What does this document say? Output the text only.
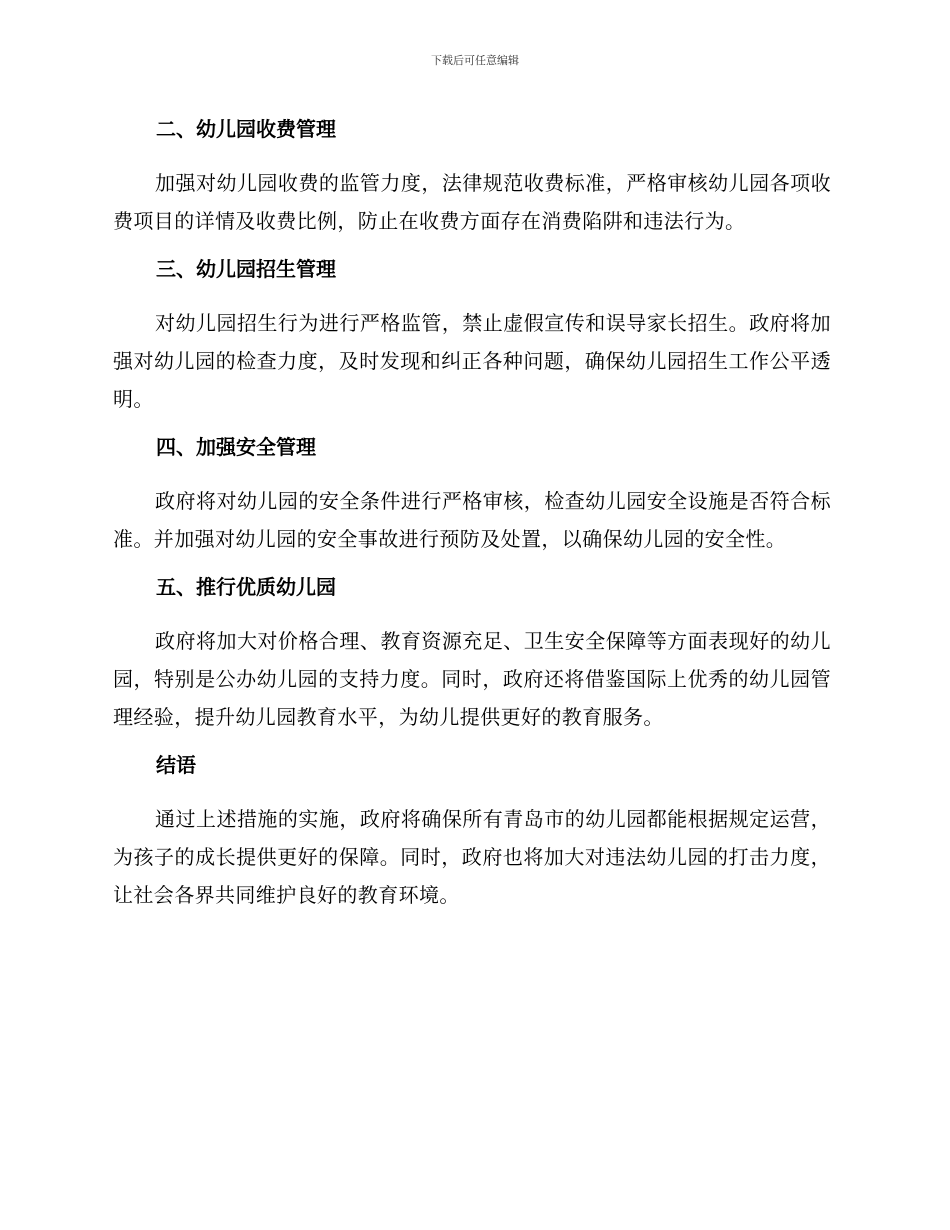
下载后可任意编辑
二、幼儿园收费管理

加强对幼儿园收费的监管力度，法律规范收费标准，严格审核幼儿园各项收费项目的详情及收费比例，防止在收费方面存在消费陷阱和违法行为。

三、幼儿园招生管理

对幼儿园招生行为进行严格监管，禁止虚假宣传和误导家长招生。政府将加强对幼儿园的检查力度，及时发现和纠正各种问题，确保幼儿园招生工作公平透明。

四、加强安全管理

政府将对幼儿园的安全条件进行严格审核，检查幼儿园安全设施是否符合标准。并加强对幼儿园的安全事故进行预防及处置，以确保幼儿园的安全性。

五、推行优质幼儿园

政府将加大对价格合理、教育资源充足、卫生安全保障等方面表现好的幼儿园，特别是公办幼儿园的支持力度。同时，政府还将借鉴国际上优秀的幼儿园管理经验，提升幼儿园教育水平，为幼儿提供更好的教育服务。

结语

通过上述措施的实施，政府将确保所有青岛市的幼儿园都能根据规定运营，为孩子的成长提供更好的保障。同时，政府也将加大对违法幼儿园的打击力度，让社会各界共同维护良好的教育环境。
